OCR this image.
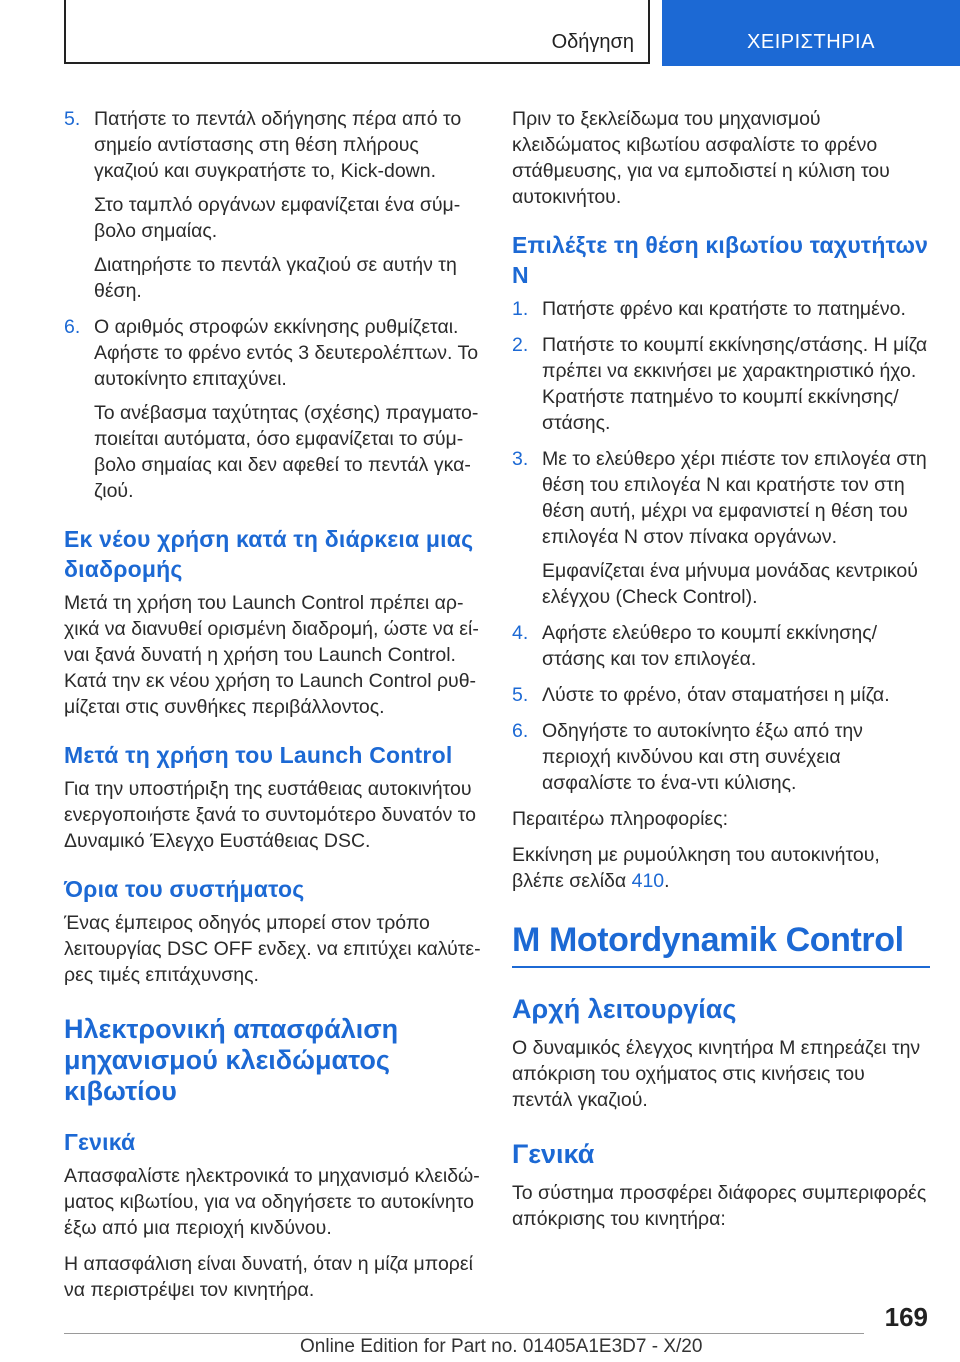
Οδήγηση	ΧΕΙΡΙΣΤΗΡΙΑ
5. Πατήστε το πεντάλ οδήγησης πέρα από το σημείο αντίστασης στη θέση πλήρους γκαζιού και συγκρατήστε το, Kick-down.

Στο ταμπλό οργάνων εμφανίζεται ένα σύμ-βολο σημαίας.

Διατηρήστε το πεντάλ γκαζιού σε αυτήν τη θέση.

6. Ο αριθμός στροφών εκκίνησης ρυθμίζεται. Αφήστε το φρένο εντός 3 δευτερολέπτων. Το αυτοκίνητο επιταχύνει.

Το ανέβασμα ταχύτητας (σχέσης) πραγματο-ποιείται αυτόματα, όσο εμφανίζεται το σύμ-βολο σημαίας και δεν αφεθεί το πεντάλ γκα-ζιού.

Εκ νέου χρήση κατά τη διάρκεια μιας διαδρομής

Μετά τη χρήση του Launch Control πρέπει αρ-χικά να διανυθεί ορισμένη διαδρομή, ώστε να εί-ναι ξανά δυνατή η χρήση του Launch Control. Κατά την εκ νέου χρήση το Launch Control ρυθ-μίζεται στις συνθήκες περιβάλλοντος.

Μετά τη χρήση του Launch Control

Για την υποστήριξη της ευστάθειας αυτοκινήτου ενεργοποιήστε ξανά το συντομότερο δυνατόν το Δυναμικό Έλεγχο Ευστάθειας DSC.

Όρια του συστήματος

Ένας έμπειρος οδηγός μπορεί στον τρόπο λειτουργίας DSC OFF ενδεχ. να επιτύχει καλύτε-ρες τιμές επιτάχυνσης.

Ηλεκτρονική απασφάλιση μηχανισμού κλειδώματος κιβωτίου
Γενικά

Απασφαλίστε ηλεκτρονικά το μηχανισμό κλειδώ-ματος κιβωτίου, για να οδηγήσετε το αυτοκίνητο έξω από μια περιοχή κινδύνου.

Η απασφάλιση είναι δυνατή, όταν η μίζα μπορεί να περιστρέψει τον κινητήρα.

Πριν το ξεκλείδωμα του μηχανισμού κλειδώματος κιβωτίου ασφαλίστε το φρένο στάθμευσης, για να εμποδιστεί η κύλιση του αυτοκινήτου.

Επιλέξτε τη θέση κιβωτίου ταχυτήτων N
1. Πατήστε φρένο και κρατήστε το πατημένο.

2. Πατήστε το κουμπί εκκίνησης/στάσης. Η μίζα πρέπει να εκκινήσει με χαρακτηριστικό ήχο. Κρατήστε πατημένο το κουμπί εκκίνησης/στάσης.

3. Με το ελεύθερο χέρι πιέστε τον επιλογέα στη θέση του επιλογέα N και κρατήστε τον στη θέση αυτή, μέχρι να εμφανιστεί η θέση του επιλογέα N στον πίνακα οργάνων.

Εμφανίζεται ένα μήνυμα μονάδας κεντρικού ελέγχου (Check Control).

4. Αφήστε ελεύθερο το κουμπί εκκίνησης/στάσης και τον επιλογέα.

5. Λύστε το φρένο, όταν σταματήσει η μίζα.

6. Οδηγήστε το αυτοκίνητο έξω από την περιοχή κινδύνου και στη συνέχεια ασφαλίστε το ένα-ντι κύλισης.

Περαιτέρω πληροφορίες:

Εκκίνηση με ρυμούλκηση του αυτοκινήτου, βλέπε σελίδα 410.

M Motordynamik Control
Αρχή λειτουργίας

Ο δυναμικός έλεγχος κινητήρα M επηρεάζει την απόκριση του οχήματος στις κινήσεις του πεντάλ γκαζιού.

Γενικά

Το σύστημα προσφέρει διάφορες συμπεριφορές απόκρισης του κινητήρα:

169
Online Edition for Part no. 01405A1E3D7 - X/20
